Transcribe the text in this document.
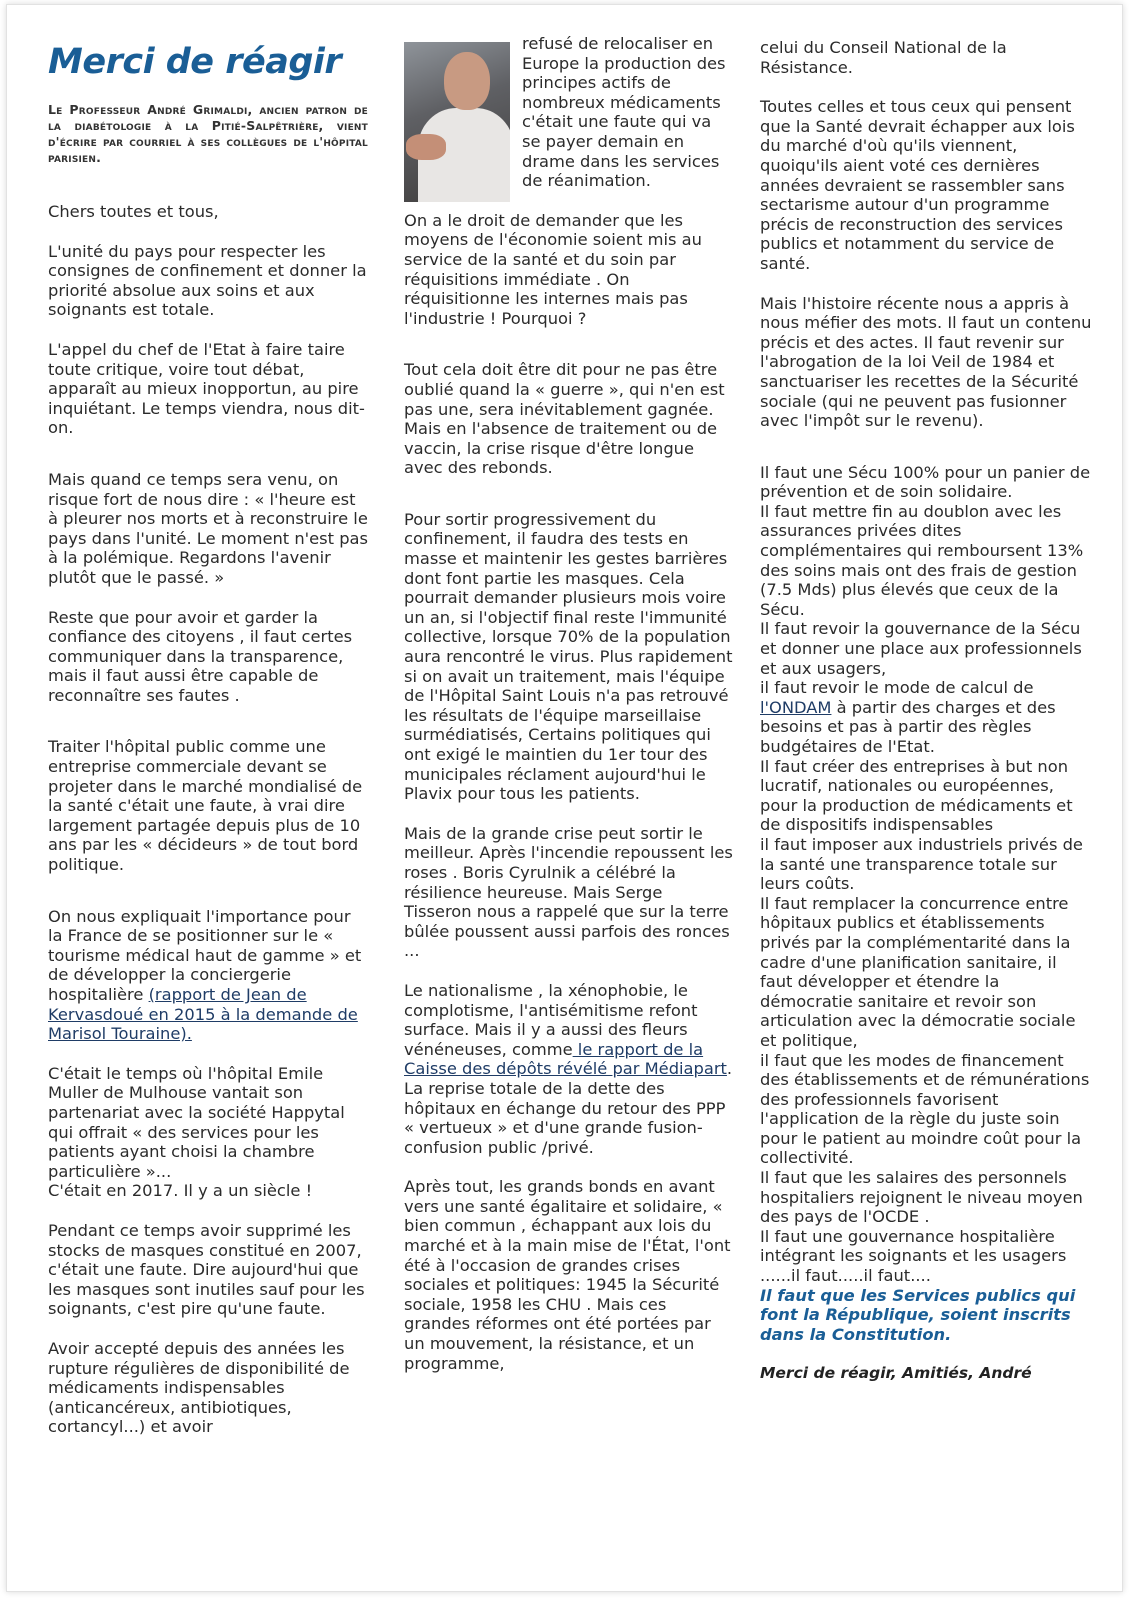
Merci de réagir

Le Professeur André Grimaldi, ancien patron de la diabétologie à la Pitié-Salpêtrière, vient d'écrire par courriel à ses collègues de l'hôpital parisien.

Chers toutes et tous,

L'unité du pays pour respecter les consignes de confinement et donner la priorité absolue aux soins et aux soignants est totale.

L'appel du chef de l'Etat à faire taire toute critique, voire tout débat, apparaît au mieux inopportun, au pire inquiétant. Le temps viendra, nous dit-on.

Mais quand ce temps sera venu, on risque fort de nous dire : « l'heure est à pleurer nos morts et à reconstruire le pays dans l'unité. Le moment n'est pas à la polémique. Regardons l'avenir plutôt que le passé. »

Reste que pour avoir et garder la confiance des citoyens , il faut certes communiquer dans la transparence, mais il faut aussi être capable de reconnaître ses fautes .

Traiter l'hôpital public comme une entreprise commerciale devant se projeter dans le marché mondialisé de la santé c'était une faute, à vrai dire largement partagée depuis plus de 10 ans par les « décideurs » de tout bord politique.

On nous expliquait l'importance pour la France de se positionner sur le « tourisme médical haut de gamme » et de développer la conciergerie hospitalière (rapport de Jean de Kervasdoué en 2015 à la demande de Marisol Touraine).

C'était le temps où l'hôpital Emile Muller de Mulhouse vantait son partenariat avec la société Happytal qui offrait « des services pour les patients ayant choisi la chambre particulière »...

C'était en 2017. Il y a un siècle !

Pendant ce temps avoir supprimé les stocks de masques constitué en 2007, c'était une faute. Dire aujourd'hui que les masques sont inutiles sauf pour les soignants, c'est pire qu'une faute.

Avoir accepté depuis des années les rupture régulières de disponibilité de médicaments indispensables (anticancéreux, antibiotiques, cortancyl...) et avoir

refusé de relocaliser en Europe la production des principes actifs de nombreux médicaments c'était une faute qui va se payer demain en drame dans les services de réanimation.

On a le droit de demander que les moyens de l'économie soient mis au service de la santé et du soin par réquisitions immédiate . On réquisitionne les internes mais pas l'industrie ! Pourquoi ?

Tout cela doit être dit pour ne pas être oublié quand la « guerre », qui n'en est pas une, sera inévitablement gagnée. Mais en l'absence de traitement ou de vaccin, la crise risque d'être longue avec des rebonds.

Pour sortir progressivement du confinement, il faudra des tests en masse et maintenir les gestes barrières dont font partie les masques. Cela pourrait demander plusieurs mois voire un an, si l'objectif final reste l'immunité collective, lorsque 70% de la population aura rencontré le virus. Plus rapidement si on avait un traitement, mais l'équipe de l'Hôpital Saint Louis n'a pas retrouvé les résultats de l'équipe marseillaise surmédiatisés, Certains politiques qui ont exigé le maintien du 1er tour des municipales réclament aujourd'hui le Plavix pour tous les patients.

Mais de la grande crise peut sortir le meilleur. Après l'incendie repoussent les roses . Boris Cyrulnik a célébré la résilience heureuse. Mais Serge Tisseron nous a rappelé que sur la terre bûlée poussent aussi parfois des ronces ...

Le nationalisme , la xénophobie, le complotisme, l'antisémitisme refont surface. Mais il y a aussi des fleurs vénéneuses, comme le rapport de la Caisse des dépôts révélé par Médiapart. La reprise totale de la dette des hôpitaux en échange du retour des PPP « vertueux » et d'une grande fusion-confusion public /privé.

Après tout, les grands bonds en avant vers une santé égalitaire et solidaire, « bien commun , échappant aux lois du marché et à la main mise de l'État, l'ont été à l'occasion de grandes crises sociales et politiques: 1945 la Sécurité sociale, 1958 les CHU . Mais ces grandes réformes ont été portées par un mouvement, la résistance, et un programme,

celui du Conseil National de la Résistance.

Toutes celles et tous ceux qui pensent que la Santé devrait échapper aux lois du marché d'où qu'ils viennent, quoiqu'ils aient voté ces dernières années devraient se rassembler sans sectarisme autour d'un programme précis de reconstruction des services publics et notamment du service de santé.

Mais l'histoire récente nous a appris à nous méfier des mots. Il faut un contenu précis et des actes. Il faut revenir sur l'abrogation de la loi Veil de 1984 et sanctuariser les recettes de la Sécurité sociale (qui ne peuvent pas fusionner avec l'impôt sur le revenu).

Il faut une Sécu 100% pour un panier de prévention et de soin solidaire.

Il faut mettre fin au doublon avec les assurances privées dites complémentaires qui remboursent 13% des soins mais ont des frais de gestion (7.5 Mds) plus élevés que ceux de la Sécu.

Il faut revoir la gouvernance de la Sécu et donner une place aux professionnels et aux usagers,

il faut revoir le mode de calcul de l'ONDAM à partir des charges et des besoins et pas à partir des règles budgétaires de l'Etat.

Il faut créer des entreprises à but non lucratif, nationales ou européennes, pour la production de médicaments et de dispositifs indispensables

il faut imposer aux industriels privés de la santé une transparence totale sur leurs coûts.

Il faut remplacer la concurrence entre hôpitaux publics et établissements privés par la complémentarité dans la cadre d'une planification sanitaire, il faut développer et étendre la démocratie sanitaire et revoir son articulation avec la démocratie sociale et politique,

il faut que les modes de financement des établissements et de rémunérations des professionnels favorisent l'application de la règle du juste soin pour le patient au moindre coût pour la collectivité.

Il faut que les salaires des personnels hospitaliers rejoignent le niveau moyen des pays de l'OCDE .

Il faut une gouvernance hospitalière intégrant les soignants et les usagers ......il faut.....il faut....

Il faut que les Services publics qui font la République, soient inscrits dans la Constitution.

Merci de réagir, Amitiés, André
